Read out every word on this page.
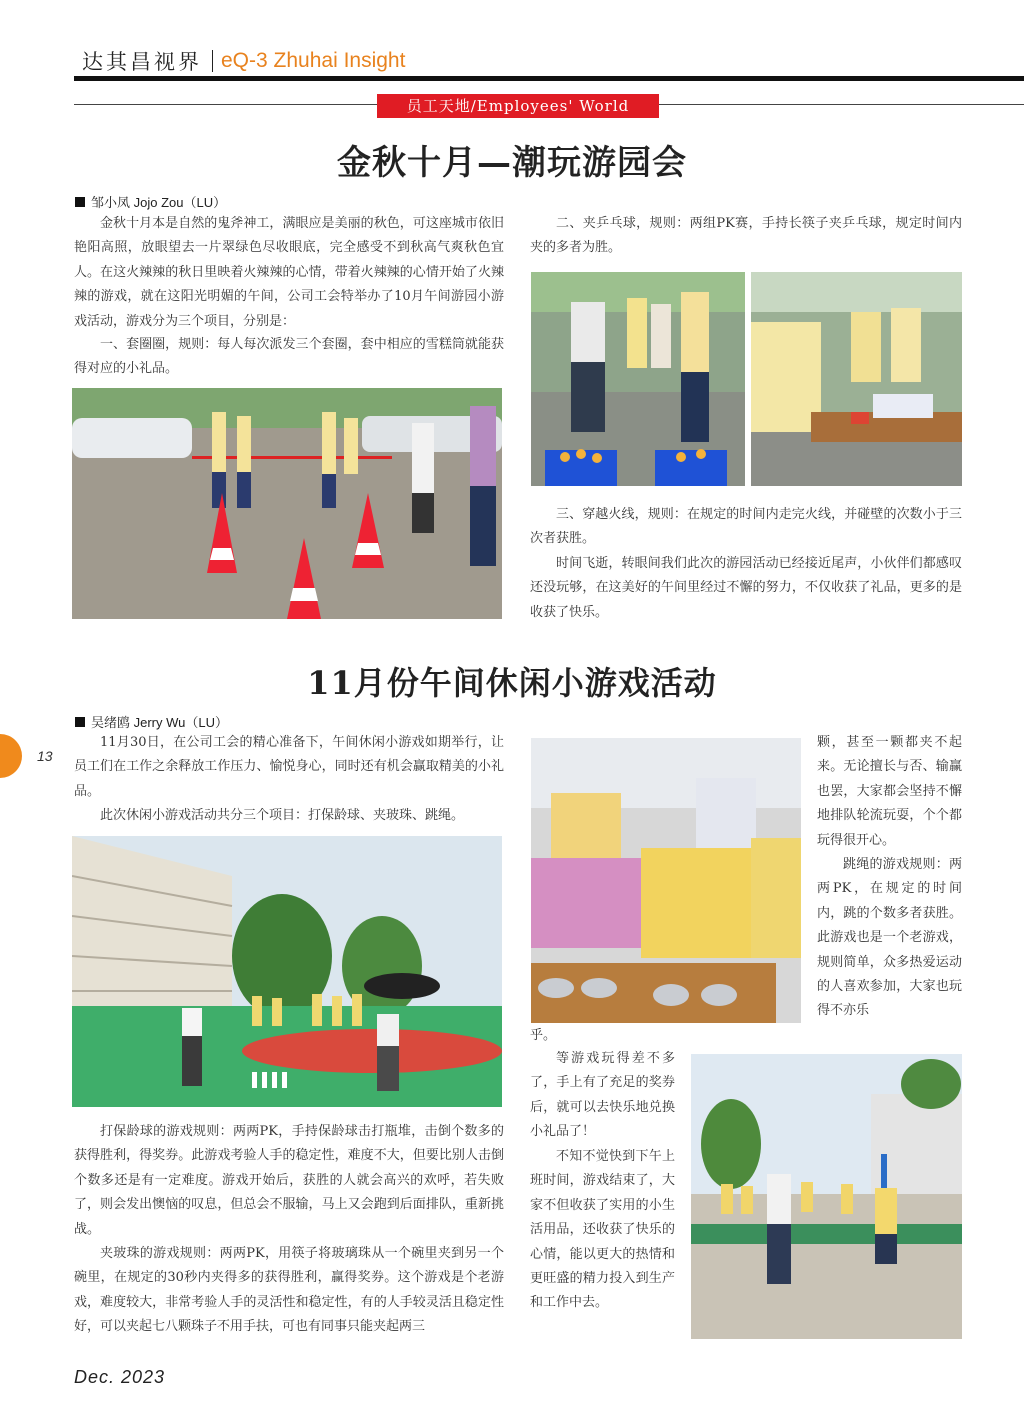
达其昌视界 eQ-3 Zhuhai Insight
员工天地/Employees' World
金秋十月—潮玩游园会
邹小凤 Jojo Zou（LU）

金秋十月本是自然的鬼斧神工，满眼应是美丽的秋色，可这座城市依旧艳阳高照，放眼望去一片翠绿色尽收眼底，完全感受不到秋高气爽秋色宜人。在这火辣辣的秋日里映着火辣辣的心情，带着火辣辣的心情开始了火辣辣的游戏，就在这阳光明媚的午间，公司工会特举办了10月午间游园小游戏活动，游戏分为三个项目，分别是：

一、套圈圈，规则：每人每次派发三个套圈，套中相应的雪糕筒就能获得对应的小礼品。

二、夹乒乓球，规则：两组PK赛，手持长筷子夹乒乓球，规定时间内夹的多者为胜。

三、穿越火线，规则：在规定的时间内走完火线，并碰壁的次数小于三次者获胜。

时间飞逝，转眼间我们此次的游园活动已经接近尾声，小伙伴们都感叹还没玩够，在这美好的午间里经过不懈的努力，不仅收获了礼品，更多的是收获了快乐。

11月份午间休闲小游戏活动
吴绪鸥 Jerry Wu（LU）

11月30日，在公司工会的精心准备下，午间休闲小游戏如期举行，让员工们在工作之余释放工作压力、愉悦身心，同时还有机会赢取精美的小礼品。

此次休闲小游戏活动共分三个项目：打保龄球、夹玻珠、跳绳。

打保龄球的游戏规则：两两PK，手持保龄球击打瓶堆，击倒个数多的获得胜利，得奖券。此游戏考验人手的稳定性，难度不大，但要比别人击倒个数多还是有一定难度。游戏开始后，获胜的人就会高兴的欢呼，若失败了，则会发出懊恼的叹息，但总会不服输，马上又会跑到后面排队，重新挑战。

夹玻珠的游戏规则：两两PK，用筷子将玻璃珠从一个碗里夹到另一个碗里，在规定的30秒内夹得多的获得胜利，赢得奖券。这个游戏是个老游戏，难度较大，非常考验人手的灵活性和稳定性，有的人手较灵活且稳定性好，可以夹起七八颗珠子不用手扶，可也有同事只能夹起两三

颗，甚至一颗都夹不起来。无论擅长与否、输赢也罢，大家都会坚持不懈地排队轮流玩耍，个个都玩得很开心。

跳绳的游戏规则：两两PK，在规定的时间内，跳的个数多者获胜。此游戏也是一个老游戏，规则简单，众多热爱运动的人喜欢参加，大家也玩得不亦乐

乎。

等游戏玩得差不多了，手上有了充足的奖券后，就可以去快乐地兑换小礼品了！

不知不觉快到下午上班时间，游戏结束了，大家不但收获了实用的小生活用品，还收获了快乐的心情，能以更大的热情和更旺盛的精力投入到生产和工作中去。

13
Dec. 2023
